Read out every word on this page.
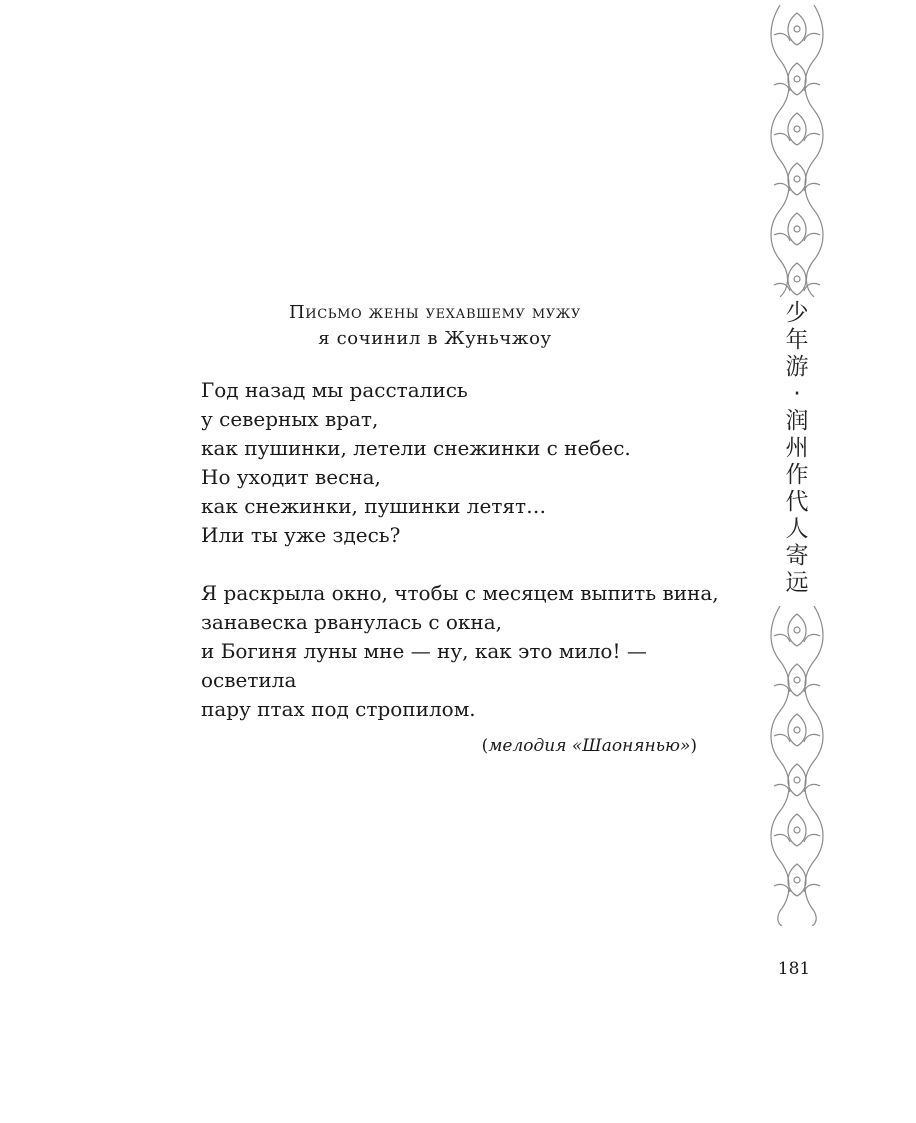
Письмо жены уехавшему мужу
я сочинил в Жуньчжоу
Год назад мы расстались
у северных врат,
как пушинки, летели снежинки с небес.
Но уходит весна,
как снежинки, пушинки летят…
Или ты уже здесь?
Я раскрыла окно, чтобы с месяцем выпить вина,
занавеска рванулась с окна,
и Богиня луны мне — ну, как это мило! —
осветила
пару птах под стропилом.
(мелодия «Шаонянью»)
少
年
游
·
润
州
作
代
人
寄
远
181
